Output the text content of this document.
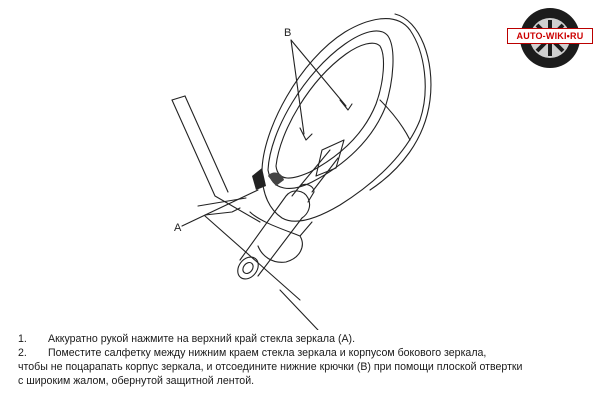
B
A
AUTO-WIKI•RU
1.	Аккуратно рукой нажмите на верхний край стекла зеркала (А).
2.	Поместите салфетку между нижним краем стекла зеркала и корпусом бокового зеркала,

чтобы не поцарапать корпус зеркала, и отсоедините нижние крючки (В) при помощи плоской отвертки

с широким жалом, обернутой защитной лентой.
